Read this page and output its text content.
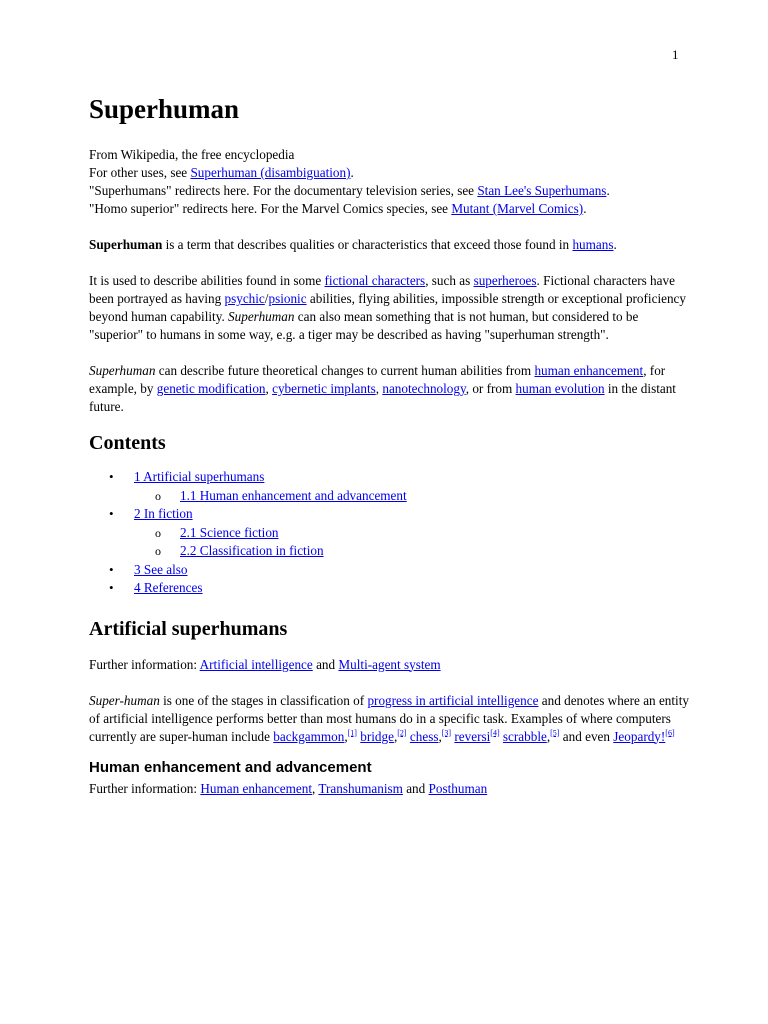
1
Superhuman

From Wikipedia, the free encyclopedia

For other uses, see Superhuman (disambiguation).

"Superhumans" redirects here. For the documentary television series, see Stan Lee's Superhumans.

"Homo superior" redirects here. For the Marvel Comics species, see Mutant (Marvel Comics).

Superhuman is a term that describes qualities or characteristics that exceed those found in humans.

It is used to describe abilities found in some fictional characters, such as superheroes. Fictional characters have been portrayed as having psychic/psionic abilities, flying abilities, impossible strength or exceptional proficiency beyond human capability. Superhuman can also mean something that is not human, but considered to be "superior" to humans in some way, e.g. a tiger may be described as having "superhuman strength".

Superhuman can describe future theoretical changes to current human abilities from human enhancement, for example, by genetic modification, cybernetic implants, nanotechnology, or from human evolution in the distant future.

Contents
• 1 Artificial superhumans
o 1.1 Human enhancement and advancement
• 2 In fiction
o 2.1 Science fiction
o 2.2 Classification in fiction
• 3 See also
• 4 References
Artificial superhumans

Further information: Artificial intelligence and Multi-agent system

Super-human is one of the stages in classification of progress in artificial intelligence and denotes where an entity of artificial intelligence performs better than most humans do in a specific task. Examples of where computers currently are super-human include backgammon,[1] bridge,[2] chess,[3] reversi[4] scrabble,[5] and even Jeopardy![6]

Human enhancement and advancement

Further information: Human enhancement, Transhumanism and Posthuman
